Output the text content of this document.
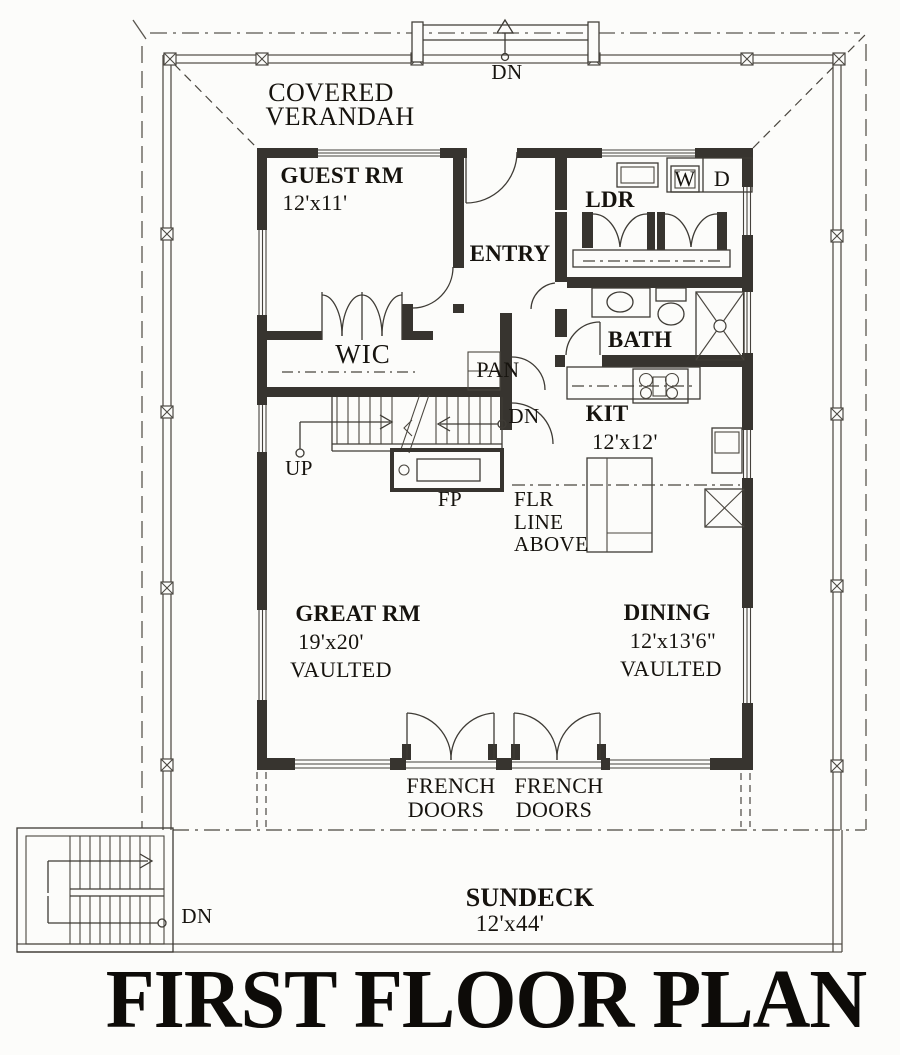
COVERED
VERANDAH
DN
GUEST RM
12'x11'	LDR
W D
ENTRY
BATH
WIC
PAN
DN
UP
KIT
12'x12'
FP FLR
LINE
ABOVE
GREAT RM
19'x20'
VAULTED
DINING
12'x13'6"
VAULTED
FRENCH
DOORS
FRENCH
DOORS
SUNDECK
12'x44'
DN
FIRST FLOOR PLAN
